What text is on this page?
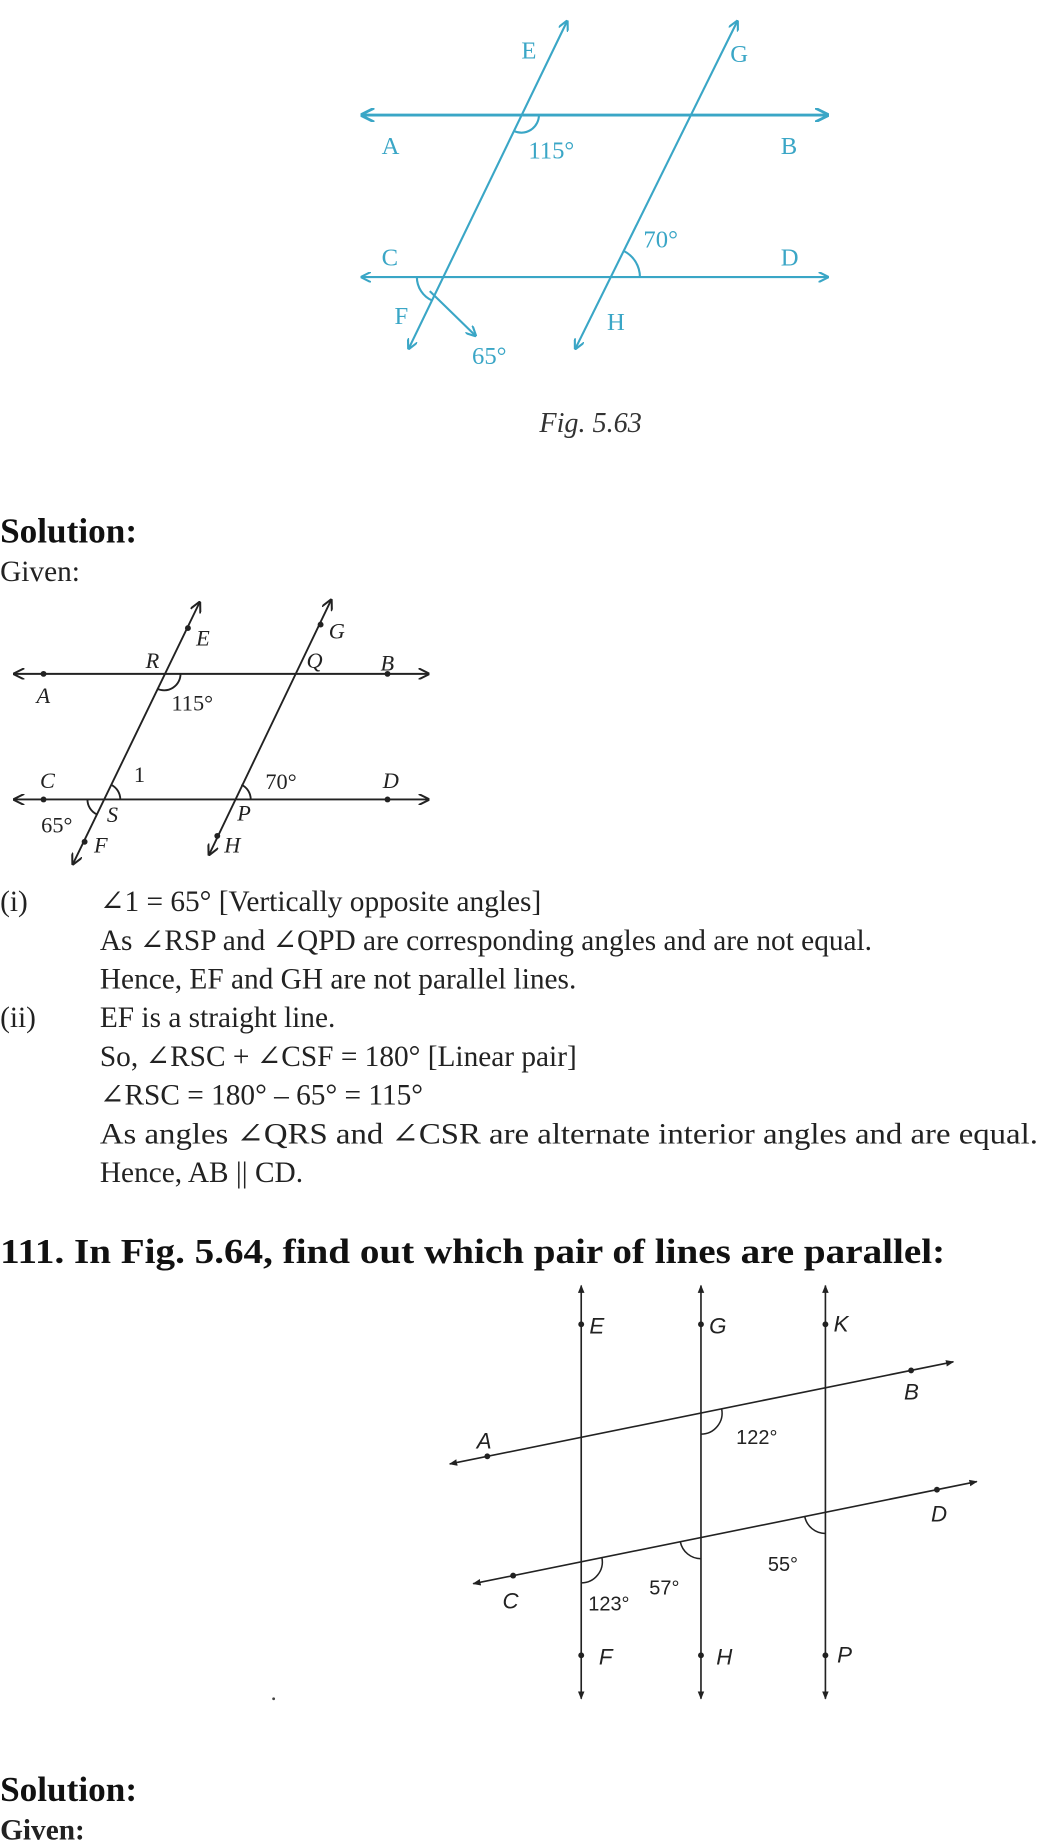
E	G
A	B
115°
70°
C	D
F	H
65°
Fig. 5.63
Solution:
Given:
R
E
Q
G
B
A	115°
C	1	70°	D
65° S	P
F	H
(i)	∠1 = 65° [Vertically opposite angles]
As ∠RSP and ∠QPD are corresponding angles and are not equal.
Hence, EF and GH are not parallel lines.
(ii)	EF is a straight line.
So, ∠RSC + ∠CSF = 180° [Linear pair]
∠RSC = 180° – 65° = 115°
As angles ∠QRS and ∠CSR are alternate interior angles and are equal.
Hence, AB || CD.
111. In Fig. 5.64, find out which pair of lines are parallel:
E	G	K
B
A	122°
D
55°
C	123°
57°
F	H	P
Solution:
Given:
